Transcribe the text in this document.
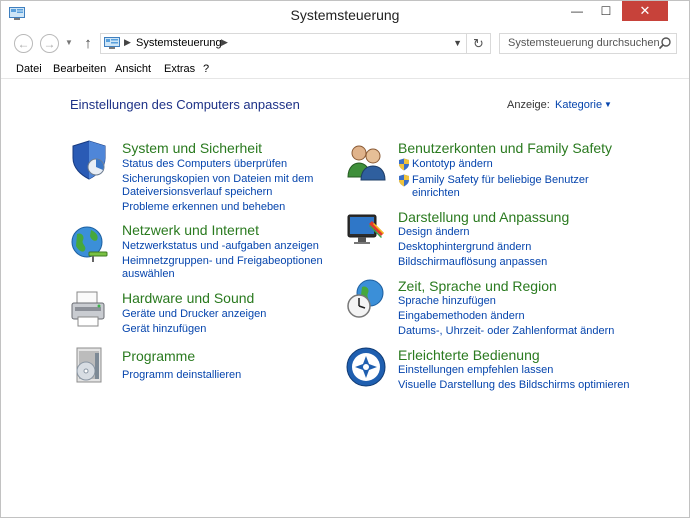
Systemsteuerung	—	☐	✕
← → ▼ ↑	▶ Systemsteuerung ▶	▼ ↻ Systemsteuerung durchsuchen
Datei Bearbeiten Ansicht Extras ?
Einstellungen des Computers anpassen	Anzeige: Kategorie ▼
System und Sicherheit
Status des Computers überprüfen
Sicherungskopien von Dateien mit dem
Dateiversionsverlauf speichern
Probleme erkennen und beheben
Netzwerk und Internet
Netzwerkstatus und -aufgaben anzeigen
Heimnetzgruppen- und Freigabeoptionen
auswählen
Hardware und Sound
Geräte und Drucker anzeigen
Gerät hinzufügen
Programme
Programm deinstallieren
Benutzerkonten und Family Safety
Kontotyp ändern
Family Safety für beliebige Benutzer
einrichten
Darstellung und Anpassung
Design ändern
Desktophintergrund ändern
Bildschirmauflösung anpassen
Zeit, Sprache und Region
Sprache hinzufügen
Eingabemethoden ändern
Datums-, Uhrzeit- oder Zahlenformat ändern
Erleichterte Bedienung
Einstellungen empfehlen lassen
Visuelle Darstellung des Bildschirms optimieren
